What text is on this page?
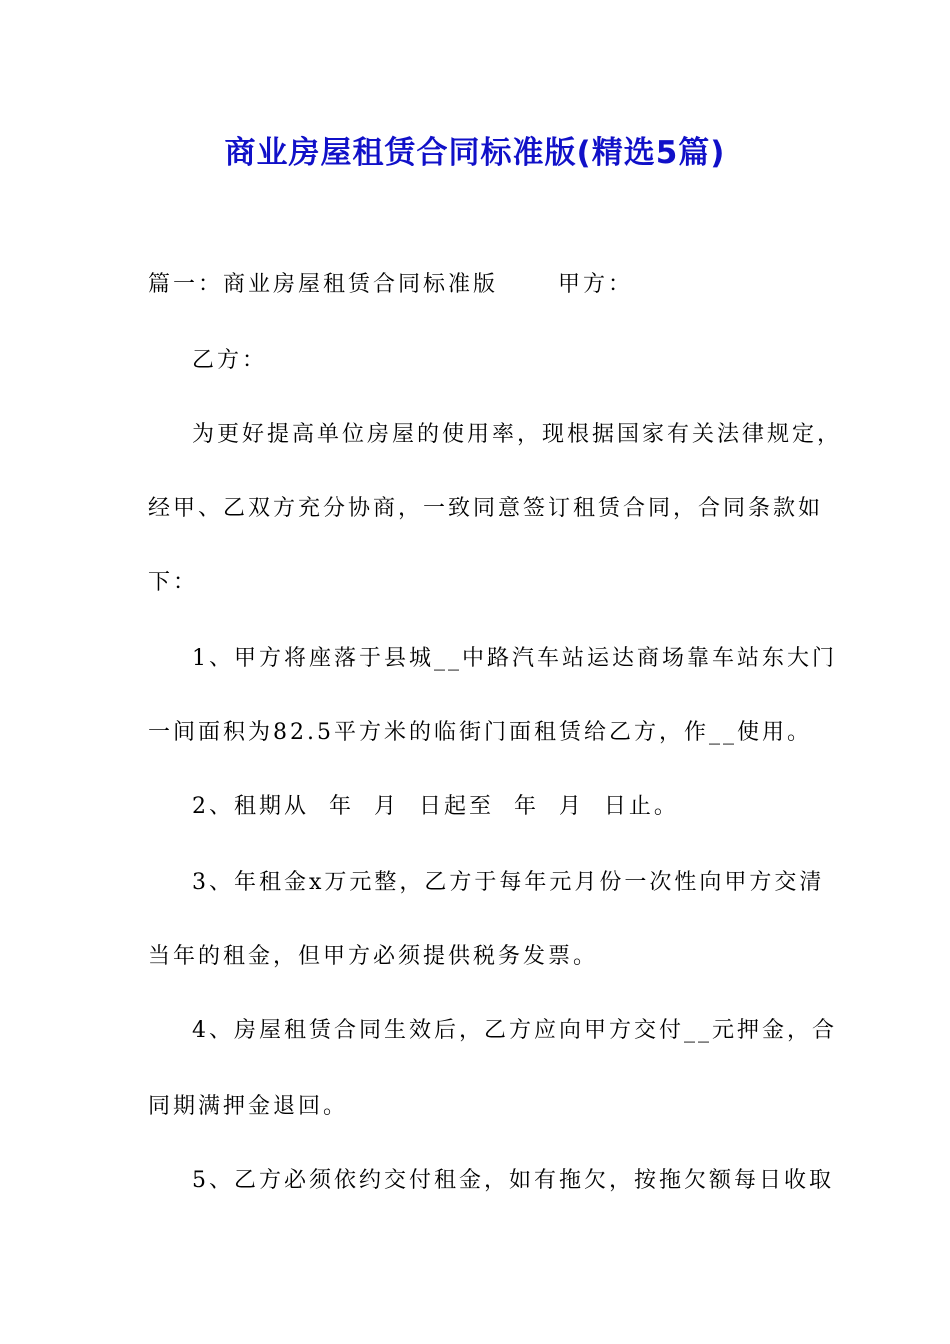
商业房屋租赁合同标准版(精选5篇)
篇一：商业房屋租赁合同标准版      甲方：
乙方：
为更好提高单位房屋的使用率，现根据国家有关法律规定，
经甲、乙双方充分协商，一致同意签订租赁合同，合同条款如
下：
1、甲方将座落于县城__中路汽车站运达商场靠车站东大门
一间面积为82.5平方米的临街门面租赁给乙方，作__使用。
2、租期从  年  月  日起至  年  月  日止。
3、年租金x万元整，乙方于每年元月份一次性向甲方交清
当年的租金，但甲方必须提供税务发票。
4、房屋租赁合同生效后，乙方应向甲方交付__元押金，合
同期满押金退回。
5、乙方必须依约交付租金，如有拖欠，按拖欠额每日收取
